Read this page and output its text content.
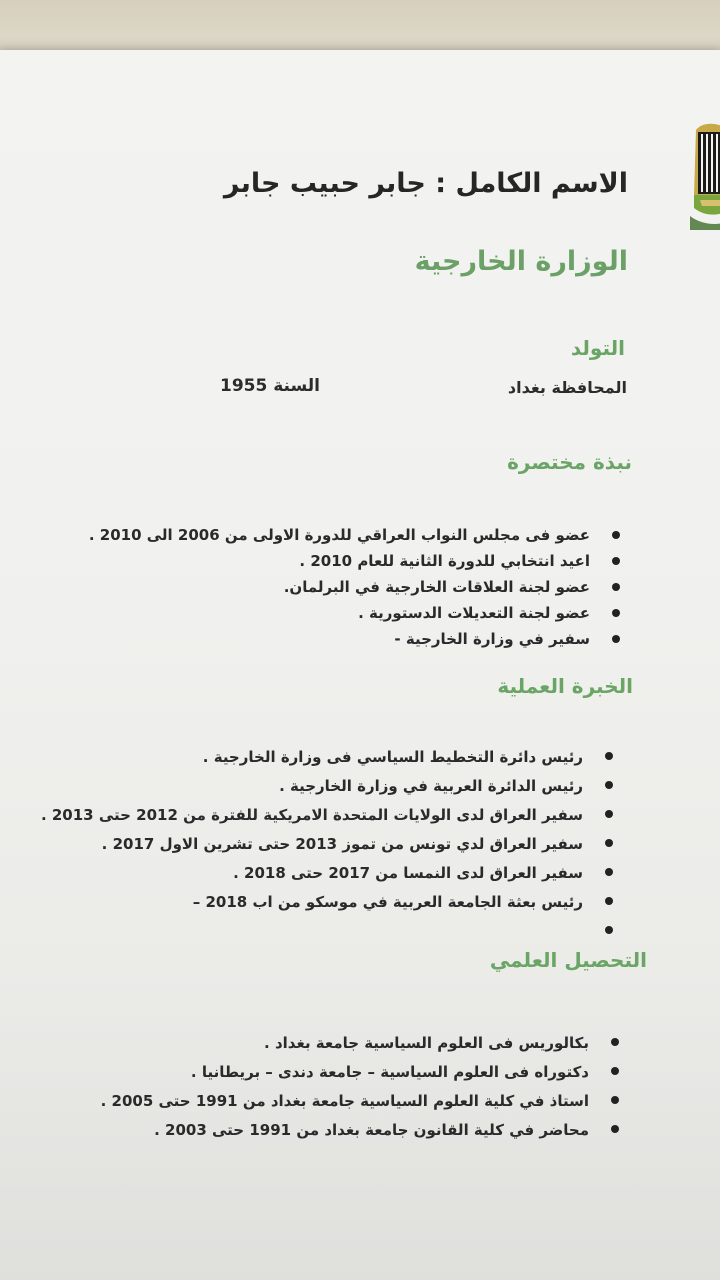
الاسم الكامل : جابر حبيب جابر
الوزارة الخارجية
التولد
المحافظة بغداد
السنة 1955
نبذة مختصرة
عضو فى مجلس النواب العراقي للدورة الاولى من 2006 الى 2010 .
اعيد انتخابي للدورة الثانية للعام 2010 .
عضو لجنة العلاقات الخارجية في البرلمان.
عضو لجنة التعديلات الدستورية .
سفير في وزارة الخارجية -
الخبرة العملية
رئيس دائرة التخطيط السياسي فى وزارة الخارجية .
رئيس الدائرة العربية في وزارة الخارجية .
سفير العراق لدى الولايات المتحدة الامريكية للفترة من 2012 حتى 2013 .
سفير العراق لدي تونس من تموز 2013 حتى تشرين الاول 2017 .
سفير العراق لدى النمسا من 2017 حتى 2018 .
رئيس بعثة الجامعة العربية في موسكو من اب 2018 –
التحصيل العلمي
بكالوريس فى العلوم السياسية جامعة بغداد .
دكتوراه فى العلوم السياسية – جامعة دندى – بريطانيا .
استاذ في كلية العلوم السياسية جامعة بغداد من 1991 حتى 2005 .
محاضر في كلية القانون جامعة بغداد من 1991 حتى 2003 .
